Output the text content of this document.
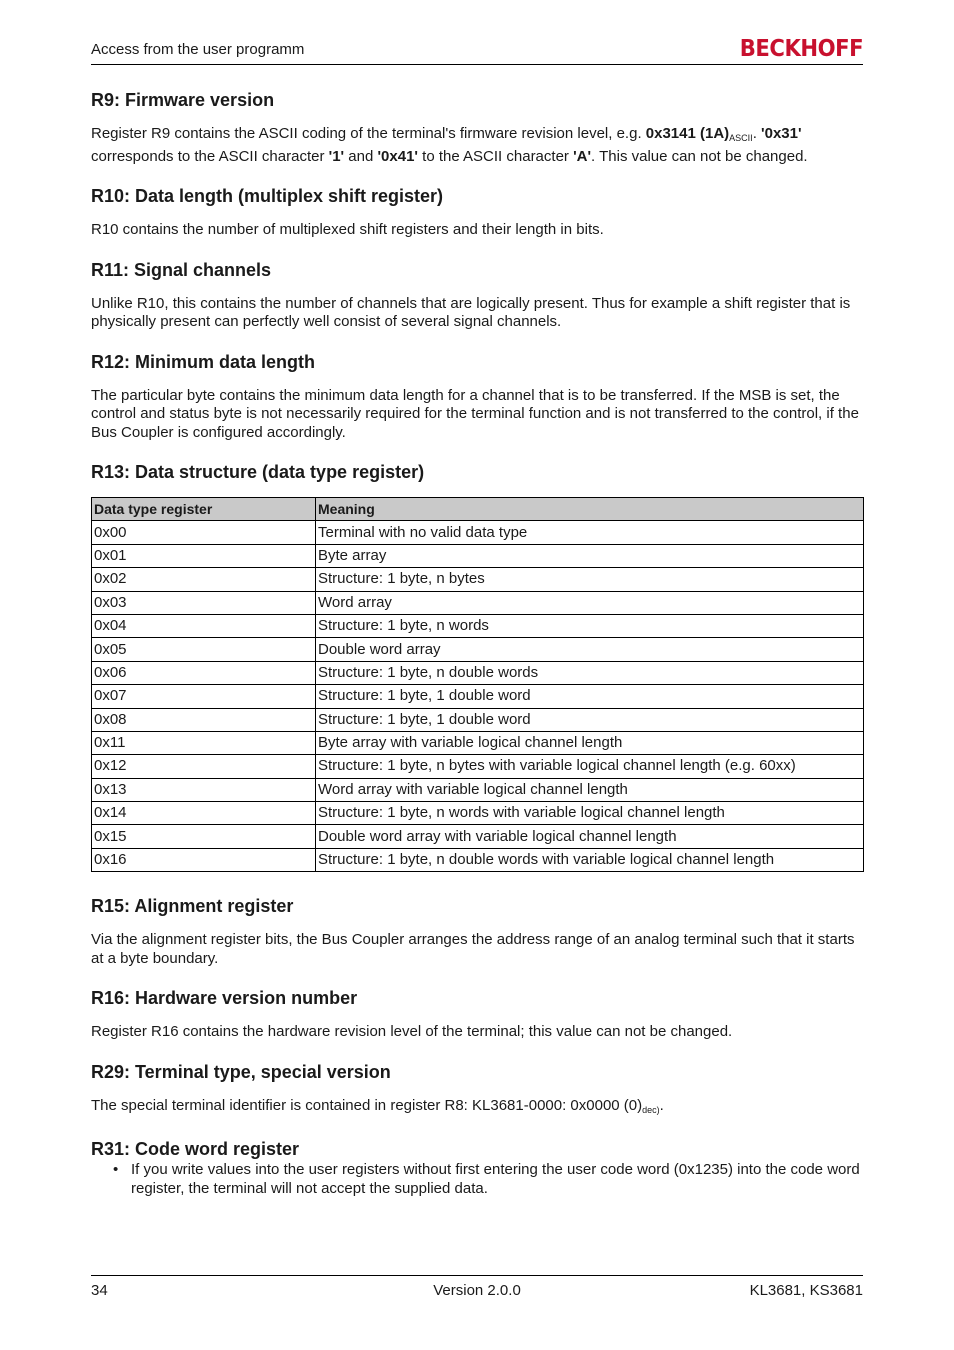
Access from the user programm	BECKHOFF
R9: Firmware version

Register R9 contains the ASCII coding of the terminal's firmware revision level, e.g. 0x3141 $(1A)_{ASCII}$. '0x31' corresponds to the ASCII character '1' and '0x41' to the ASCII character 'A'. This value can not be changed.

R10: Data length (multiplex shift register)

R10 contains the number of multiplexed shift registers and their length in bits.

R11: Signal channels

Unlike R10, this contains the number of channels that are logically present. Thus for example a shift register that is physically present can perfectly well consist of several signal channels.

R12: Minimum data length

The particular byte contains the minimum data length for a channel that is to be transferred. If the MSB is set, the control and status byte is not necessarily required for the terminal function and is not transferred to the control, if the Bus Coupler is configured accordingly.

R13: Data structure (data type register)
Data type register	Meaning
0x00	Terminal with no valid data type
0x01	Byte array
0x02	Structure: 1 byte, n bytes
0x03	Word array
0x04	Structure: 1 byte, n words
0x05	Double word array
0x06	Structure: 1 byte, n double words
0x07	Structure: 1 byte, 1 double word
0x08	Structure: 1 byte, 1 double word
0x11	Byte array with variable logical channel length
0x12	Structure: 1 byte, n bytes with variable logical channel length (e.g. 60xx)
0x13	Word array with variable logical channel length
0x14	Structure: 1 byte, n words with variable logical channel length
0x15	Double word array with variable logical channel length
0x16	Structure: 1 byte, n double words with variable logical channel length
R15: Alignment register

Via the alignment register bits, the Bus Coupler arranges the address range of an analog terminal such that it starts at a byte boundary.

R16: Hardware version number

Register R16 contains the hardware revision level of the terminal; this value can not be changed.

R29: Terminal type, special version

The special terminal identifier is contained in register R8: KL3681-0000: 0x0000 $(0)_{dec)}$.

R31: Code word register
• If you write values into the user registers without first entering the user code word (0x1235) into the code word register, the terminal will not accept the supplied data.
34	Version 2.0.0	KL3681, KS3681
